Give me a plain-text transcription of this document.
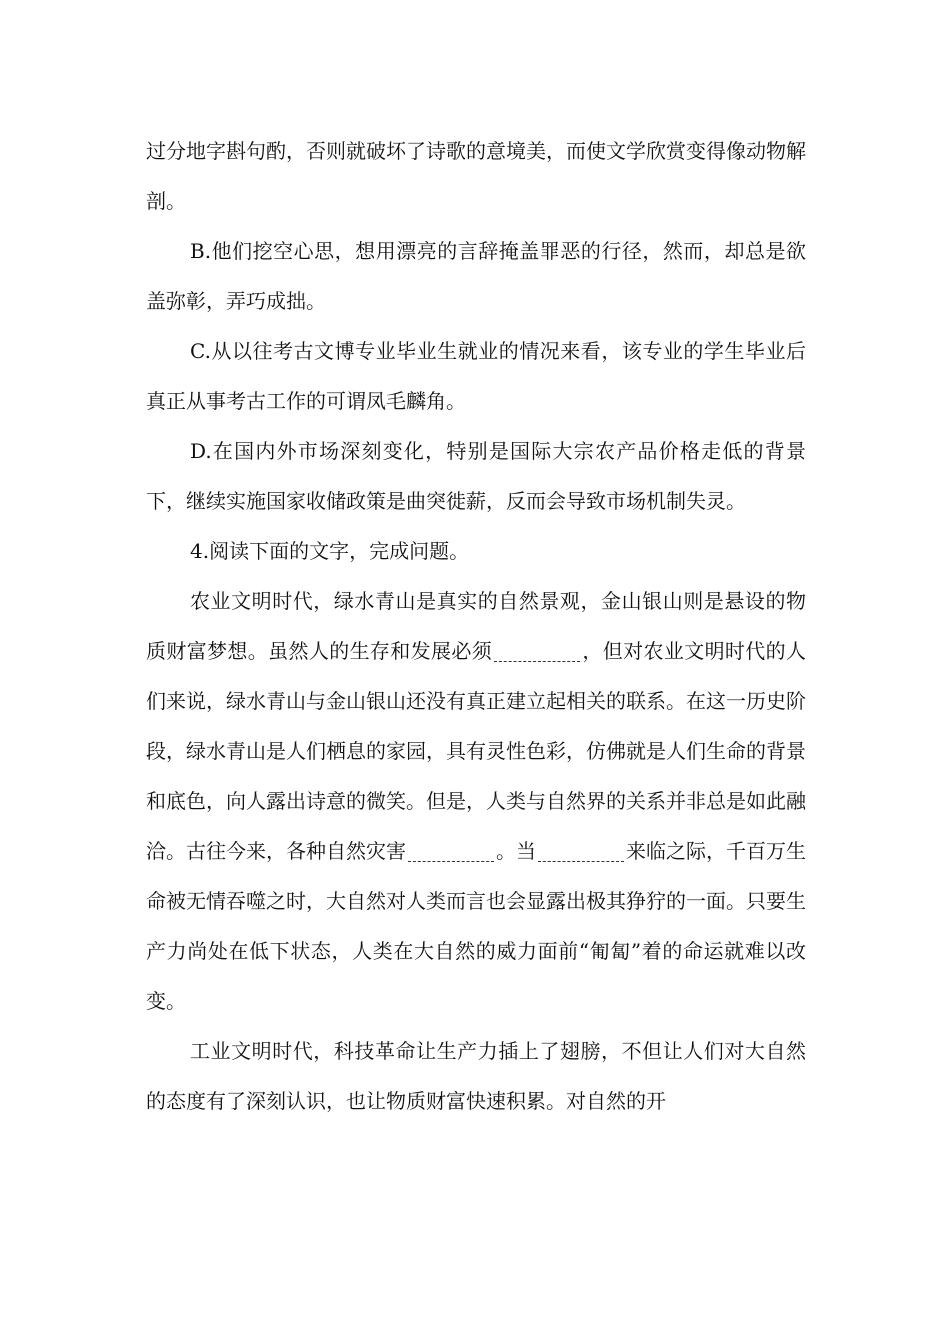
过分地字斟句酌，否则就破坏了诗歌的意境美，而使文学欣赏变得像动物解剖。

B.他们挖空心思，想用漂亮的言辞掩盖罪恶的行径，然而，却总是欲盖弥彰，弄巧成拙。

C.从以往考古文博专业毕业生就业的情况来看，该专业的学生毕业后真正从事考古工作的可谓凤毛麟角。

D.在国内外市场深刻变化，特别是国际大宗农产品价格走低的背景下，继续实施国家收储政策是曲突徙薪，反而会导致市场机制失灵。

4.阅读下面的文字，完成问题。

农业文明时代，绿水青山是真实的自然景观，金山银山则是悬设的物质财富梦想。虽然人的生存和发展必须	，但对农业文明时代的人们来说，绿水青山与金山银山还没有真正建立起相关的联系。在这一历史阶段，绿水青山是人们栖息的家园，具有灵性色彩，仿佛就是人们生命的背景和底色，向人露出诗意的微笑。但是，人类与自然界的关系并非总是如此融洽。古往今来，各种自然灾害	。当	来临之际，千百万生命被无情吞噬之时，大自然对人类而言也会显露出极其狰狞的一面。只要生产力尚处在低下状态，人类在大自然的威力面前“匍匐”着的命运就难以改变。

工业文明时代，科技革命让生产力插上了翅膀，不但让人们对大自然的态度有了深刻认识，也让物质财富快速积累。对自然的开
